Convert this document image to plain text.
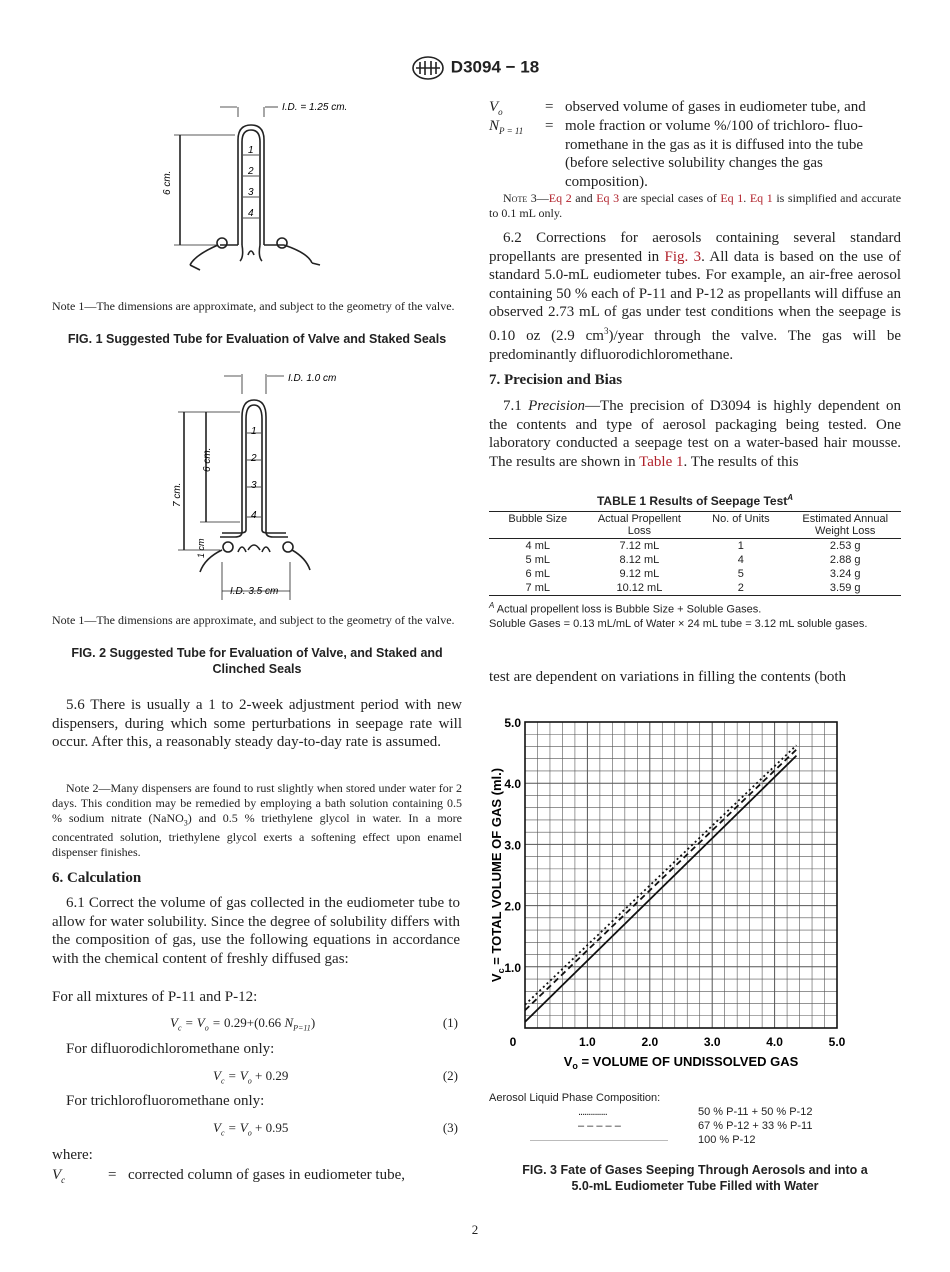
D3094 − 18
I.D. = 1.25 cm.
6 cm.
1
2
3
4
Note 1—The dimensions are approximate, and subject to the geometry of the valve.
FIG. 1 Suggested Tube for Evaluation of Valve and Staked Seals
I.D. 1.0 cm
6 cm.
7 cm.
1 cm
I.D. 3.5 cm
1
2
3
4
Note 1—The dimensions are approximate, and subject to the geometry of the valve.
FIG. 2 Suggested Tube for Evaluation of Valve, and Staked and
Clinched Seals

5.6 There is usually a 1 to 2-week adjustment period with new dispensers, during which some perturbations in seepage rate will occur. After this, a reasonably steady day-to-day rate is assumed.

Note 2—Many dispensers are found to rust slightly when stored under water for 2 days. This condition may be remedied by employing a bath solution containing 0.5 % sodium nitrate (NaNO$_3$) and 0.5 % triethylene glycol in water. In a more concentrated solution, triethylene glycol exerts a softening effect upon enamel dispenser finishes.
6. Calculation

6.1 Correct the volume of gas collected in the eudiometer tube to allow for water solubility. Since the degree of solubility differs with the composition of gas, use the following equations in accordance with the chemical content of freshly diffused gas:

For all mixtures of P-11 and P-12:
$V_c = V_o = 0.29+(0.66$ $N_{P=11}$)	(1)
For difluorodichloromethane only:
$V_c = V_o + 0.29$	(2)
For trichlorofluoromethane only:
$V_c = V_o + 0.95$	(3)
where:
$V_c$	= corrected column of gases in eudiometer tube,
$V_o$	= observed volume of gases in eudiometer tube, and
$N_{P = 11}$ = mole fraction or volume %/100 of trichloro- fluo-
romethane in the gas as it is diffused into the tube
(before selective solubility changes the gas
composition).
Note 3—Eq 2 and Eq 3 are special cases of Eq 1. Eq 1 is simplified and accurate to 0.1 mL only.

6.2 Corrections for aerosols containing several standard propellants are presented in Fig. 3. All data is based on the use of standard 5.0-mL eudiometer tubes. For example, an air-free aerosol containing 50 % each of P-11 and P-12 as propellants will diffuse an observed 2.73 mL of gas under test conditions when the seepage is 0.10 oz (2.9 $cm^3$)/year through the valve. The gas will be predominantly difluorodichloromethane.

7. Precision and Bias

7.1 Precision—The precision of D3094 is highly dependent on the contents and type of aerosol packaging being tested. One laboratory conducted a seepage test on a water-based hair mousse. The results are shown in Table 1. The results of this

TABLE 1 Results of Seepage Test$^A$
Bubble Size	Actual Propellent Loss	No. of Units	Estimated Annual Weight Loss
4 mL	7.12 mL	1	2.53 g
5 mL	8.12 mL	4	2.88 g
6 mL	9.12 mL	5	3.24 g
7 mL	10.12 mL	2	3.59 g
$^A$ Actual propellent loss is Bubble Size + Soluble Gases.
Soluble Gases = 0.13 mL/mL of Water × 24 mL tube = 3.12 mL soluble gases.

test are dependent on variations in filling the contents (both

0	1.0	2.0	3.0	4.0	5.0
1.0
2.0
3.0
4.0
5.0
$V_o$ = VOLUME OF UNDISSOLVED GAS
$V_c$ = TOTAL VOLUME OF GAS (ml.)
Aerosol Liquid Phase Composition:
..............
– – – – –
50 % P-11 + 50 % P-12
67 % P-12 + 33 % P-11
100 % P-12
FIG. 3 Fate of Gases Seeping Through Aerosols and into a
5.0-mL Eudiometer Tube Filled with Water
2
